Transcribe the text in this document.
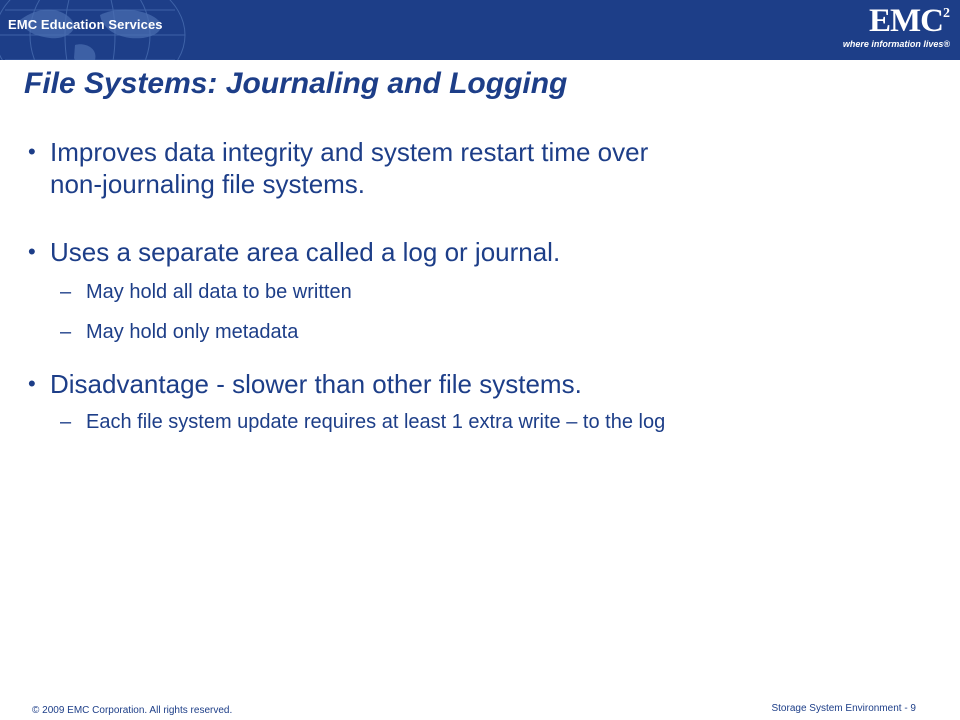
EMC Education Services	EMC2
where information lives®
File Systems: Journaling and Logging
• Improves data integrity and system restart time over
non-journaling file systems.
• Uses a separate area called a log or journal.
– May hold all data to be written
– May hold only metadata
• Disadvantage - slower than other file systems.
– Each file system update requires at least 1 extra write – to the log
© 2009 EMC Corporation. All rights reserved.	Storage System Environment - 9
